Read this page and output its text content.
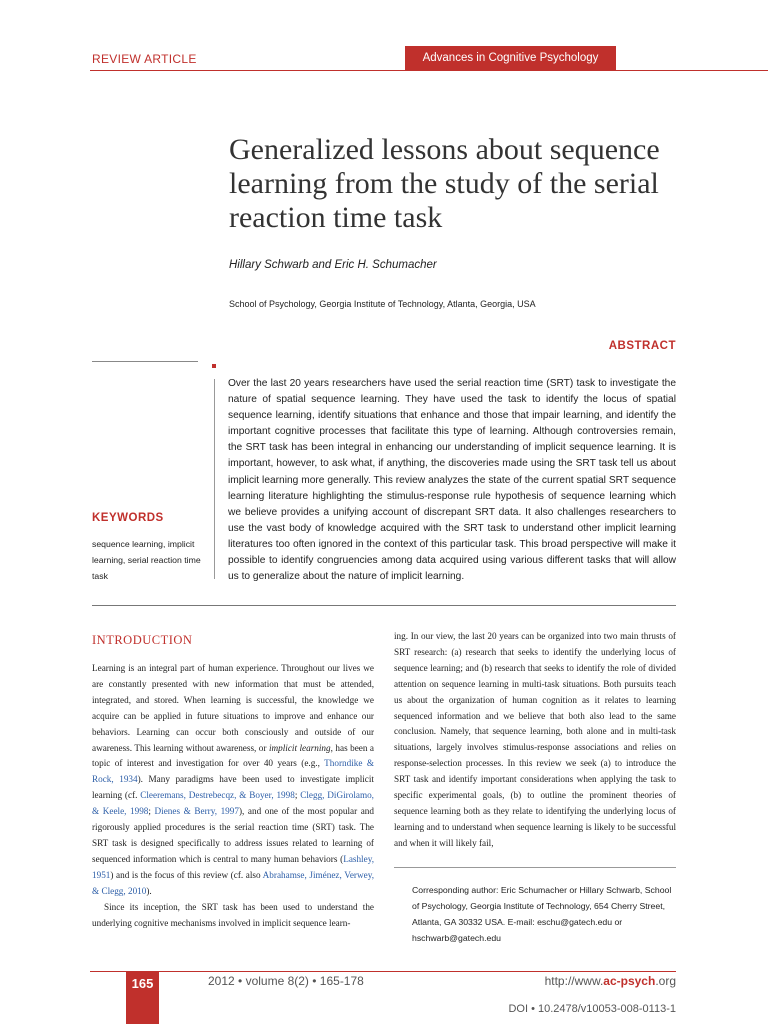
REVIEW ARTICLE	Advances in Cognitive Psychology
Generalized lessons about sequence learning from the study of the serial reaction time task
Hillary Schwarb and Eric H. Schumacher
School of Psychology, Georgia Institute of Technology, Atlanta, Georgia, USA
ABSTRACT
Over the last 20 years researchers have used the serial reaction time (SRT) task to investigate the nature of spatial sequence learning. They have used the task to identify the locus of spatial sequence learning, identify situations that enhance and those that impair learning, and identify the important cognitive processes that facilitate this type of learning. Although controversies remain, the SRT task has been integral in enhancing our understanding of implicit sequence learning. It is important, however, to ask what, if anything, the discoveries made using the SRT task tell us about implicit learning more generally. This review analyzes the state of the current spatial SRT sequence learning literature highlighting the stimulus-response rule hypothesis of sequence learning which we believe provides a unifying account of discrepant SRT data. It also challenges researchers to use the vast body of knowledge acquired with the SRT task to understand other implicit learning literatures too often ignored in the context of this particular task. This broad perspective will make it possible to identify congruencies among data acquired using various different tasks that will allow us to generalize about the nature of implicit learning.
KEYWORDS
sequence learning, implicit learning, serial reaction time task
INTRODUCTION

Learning is an integral part of human experience. Throughout our lives we are constantly presented with new information that must be attended, integrated, and stored. When learning is successful, the knowledge we acquire can be applied in future situations to improve and enhance our behaviors. Learning can occur both consciously and outside of our awareness. This learning without awareness, or implicit learning, has been a topic of interest and investigation for over 40 years (e.g., Thorndike & Rock, 1934). Many paradigms have been used to investigate implicit learning (cf. Cleeremans, Destrebecqz, & Boyer, 1998; Clegg, DiGirolamo, & Keele, 1998; Dienes & Berry, 1997), and one of the most popular and rigorously applied procedures is the serial reaction time (SRT) task. The SRT task is designed specifically to address issues related to learning of sequenced information which is central to many human behaviors (Lashley, 1951) and is the focus of this review (cf. also Abrahamse, Jiménez, Verwey, & Clegg, 2010).

Since its inception, the SRT task has been used to understand the underlying cognitive mechanisms involved in implicit sequence learn-

ing. In our view, the last 20 years can be organized into two main thrusts of SRT research: (a) research that seeks to identify the underlying locus of sequence learning; and (b) research that seeks to identify the role of divided attention on sequence learning in multi-task situations. Both pursuits teach us about the organization of human cognition as it relates to learning sequenced information and we believe that both also lead to the same conclusion. Namely, that sequence learning, both alone and in multi-task situations, largely involves stimulus-response associations and relies on response-selection processes. In this review we seek (a) to introduce the SRT task and identify important considerations when applying the task to specific experimental goals, (b) to outline the prominent theories of sequence learning both as they relate to identifying the underlying locus of learning and to understand when sequence learning is likely to be successful and when it will likely fail,

Corresponding author: Eric Schumacher or Hillary Schwarb, School of Psychology, Georgia Institute of Technology, 654 Cherry Street, Atlanta, GA 30332 USA. E-mail: eschu@gatech.edu or hschwarb@gatech.edu
165	2012 • volume 8(2) • 165-178	http://www.ac-psych.org
DOI • 10.2478/v10053-008-0113-1
